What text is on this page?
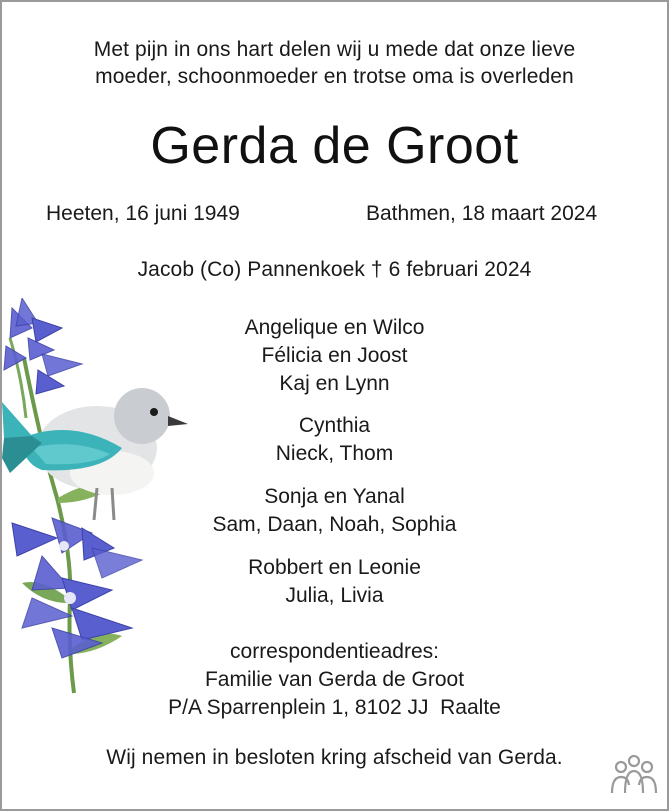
Met pijn in ons hart delen wij u mede dat onze lieve
moeder, schoonmoeder en trotse oma is overleden
Gerda de Groot
Heeten, 16 juni 1949	Bathmen, 18 maart 2024
Jacob (Co) Pannenkoek † 6 februari 2024
Angelique en Wilco
Félicia en Joost
Kaj en Lynn
Cynthia
Nieck, Thom
Sonja en Yanal
Sam, Daan, Noah, Sophia
Robbert en Leonie
Julia, Livia
correspondentieadres:
Familie van Gerda de Groot
P/A Sparrenplein 1, 8102 JJ  Raalte
Wij nemen in besloten kring afscheid van Gerda.
